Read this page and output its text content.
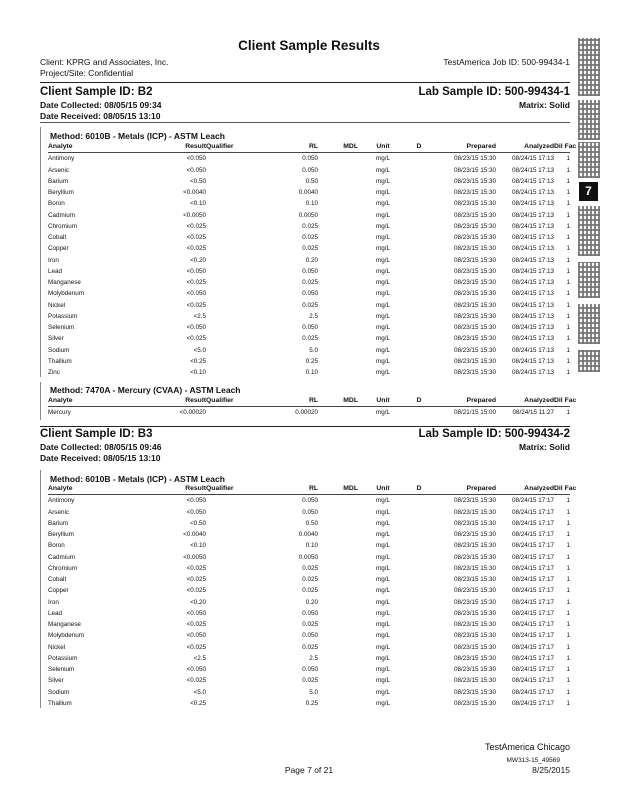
Client Sample Results
Client: KPRG and Associates, Inc.
Project/Site: Confidential
TestAmerica Job ID: 500-99434-1
7
Client Sample ID: B2	Lab Sample ID: 500-99434-1
Date Collected: 08/05/15 09:34	Matrix: Solid
Date Received: 08/05/15 13:10
Method: 6010B - Metals (ICP) - ASTM Leach
Analyte	Result	Qualifier	RL	MDL	Unit	D	Prepared	Analyzed	Dil Fac
Antimony	<0.050		0.050		mg/L		08/23/15 15:30	08/24/15 17:13	1
Arsenic	<0.050		0.050		mg/L		08/23/15 15:30	08/24/15 17:13	1
Barium	<0.50		0.50		mg/L		08/23/15 15:30	08/24/15 17:13	1
Beryllium	<0.0040		0.0040		mg/L		08/23/15 15:30	08/24/15 17:13	1
Boron	<0.10		0.10		mg/L		08/23/15 15:30	08/24/15 17:13	1
Cadmium	<0.0050		0.0050		mg/L		08/23/15 15:30	08/24/15 17:13	1
Chromium	<0.025		0.025		mg/L		08/23/15 15:30	08/24/15 17:13	1
Cobalt	<0.025		0.025		mg/L		08/23/15 15:30	08/24/15 17:13	1
Copper	<0.025		0.025		mg/L		08/23/15 15:30	08/24/15 17:13	1
Iron	<0.20		0.20		mg/L		08/23/15 15:30	08/24/15 17:13	1
Lead	<0.050		0.050		mg/L		08/23/15 15:30	08/24/15 17:13	1
Manganese	<0.025		0.025		mg/L		08/23/15 15:30	08/24/15 17:13	1
Molybdenum	<0.050		0.050		mg/L		08/23/15 15:30	08/24/15 17:13	1
Nickel	<0.025		0.025		mg/L		08/23/15 15:30	08/24/15 17:13	1
Potassium	<2.5		2.5		mg/L		08/23/15 15:30	08/24/15 17:13	1
Selenium	<0.050		0.050		mg/L		08/23/15 15:30	08/24/15 17:13	1
Silver	<0.025		0.025		mg/L		08/23/15 15:30	08/24/15 17:13	1
Sodium	<5.0		5.0		mg/L		08/23/15 15:30	08/24/15 17:13	1
Thallium	<0.25		0.25		mg/L		08/23/15 15:30	08/24/15 17:13	1
Zinc	<0.10		0.10		mg/L		08/23/15 15:30	08/24/15 17:13	1
Method: 7470A - Mercury (CVAA) - ASTM Leach
Analyte	Result	Qualifier	RL	MDL	Unit	D	Prepared	Analyzed	Dil Fac
Mercury	<0.00020		0.00020		mg/L		08/21/15 15:00	08/24/15 11:27	1
Client Sample ID: B3	Lab Sample ID: 500-99434-2
Date Collected: 08/05/15 09:46	Matrix: Solid
Date Received: 08/05/15 13:10
Method: 6010B - Metals (ICP) - ASTM Leach
Analyte	Result	Qualifier	RL	MDL	Unit	D	Prepared	Analyzed	Dil Fac
Antimony	<0.050		0.050		mg/L		08/23/15 15:30	08/24/15 17:17	1
Arsenic	<0.050		0.050		mg/L		08/23/15 15:30	08/24/15 17:17	1
Barium	<0.50		0.50		mg/L		08/23/15 15:30	08/24/15 17:17	1
Beryllium	<0.0040		0.0040		mg/L		08/23/15 15:30	08/24/15 17:17	1
Boron	<0.10		0.10		mg/L		08/23/15 15:30	08/24/15 17:17	1
Cadmium	<0.0050		0.0050		mg/L		08/23/15 15:30	08/24/15 17:17	1
Chromium	<0.025		0.025		mg/L		08/23/15 15:30	08/24/15 17:17	1
Cobalt	<0.025		0.025		mg/L		08/23/15 15:30	08/24/15 17:17	1
Copper	<0.025		0.025		mg/L		08/23/15 15:30	08/24/15 17:17	1
Iron	<0.20		0.20		mg/L		08/23/15 15:30	08/24/15 17:17	1
Lead	<0.050		0.050		mg/L		08/23/15 15:30	08/24/15 17:17	1
Manganese	<0.025		0.025		mg/L		08/23/15 15:30	08/24/15 17:17	1
Molybdenum	<0.050		0.050		mg/L		08/23/15 15:30	08/24/15 17:17	1
Nickel	<0.025		0.025		mg/L		08/23/15 15:30	08/24/15 17:17	1
Potassium	<2.5		2.5		mg/L		08/23/15 15:30	08/24/15 17:17	1
Selenium	<0.050		0.050		mg/L		08/23/15 15:30	08/24/15 17:17	1
Silver	<0.025		0.025		mg/L		08/23/15 15:30	08/24/15 17:17	1
Sodium	<5.0		5.0		mg/L		08/23/15 15:30	08/24/15 17:17	1
Thallium	<0.25		0.25		mg/L		08/23/15 15:30	08/24/15 17:17	1
TestAmerica Chicago
MW313-15_49569
Page 7 of 21	8/25/2015
